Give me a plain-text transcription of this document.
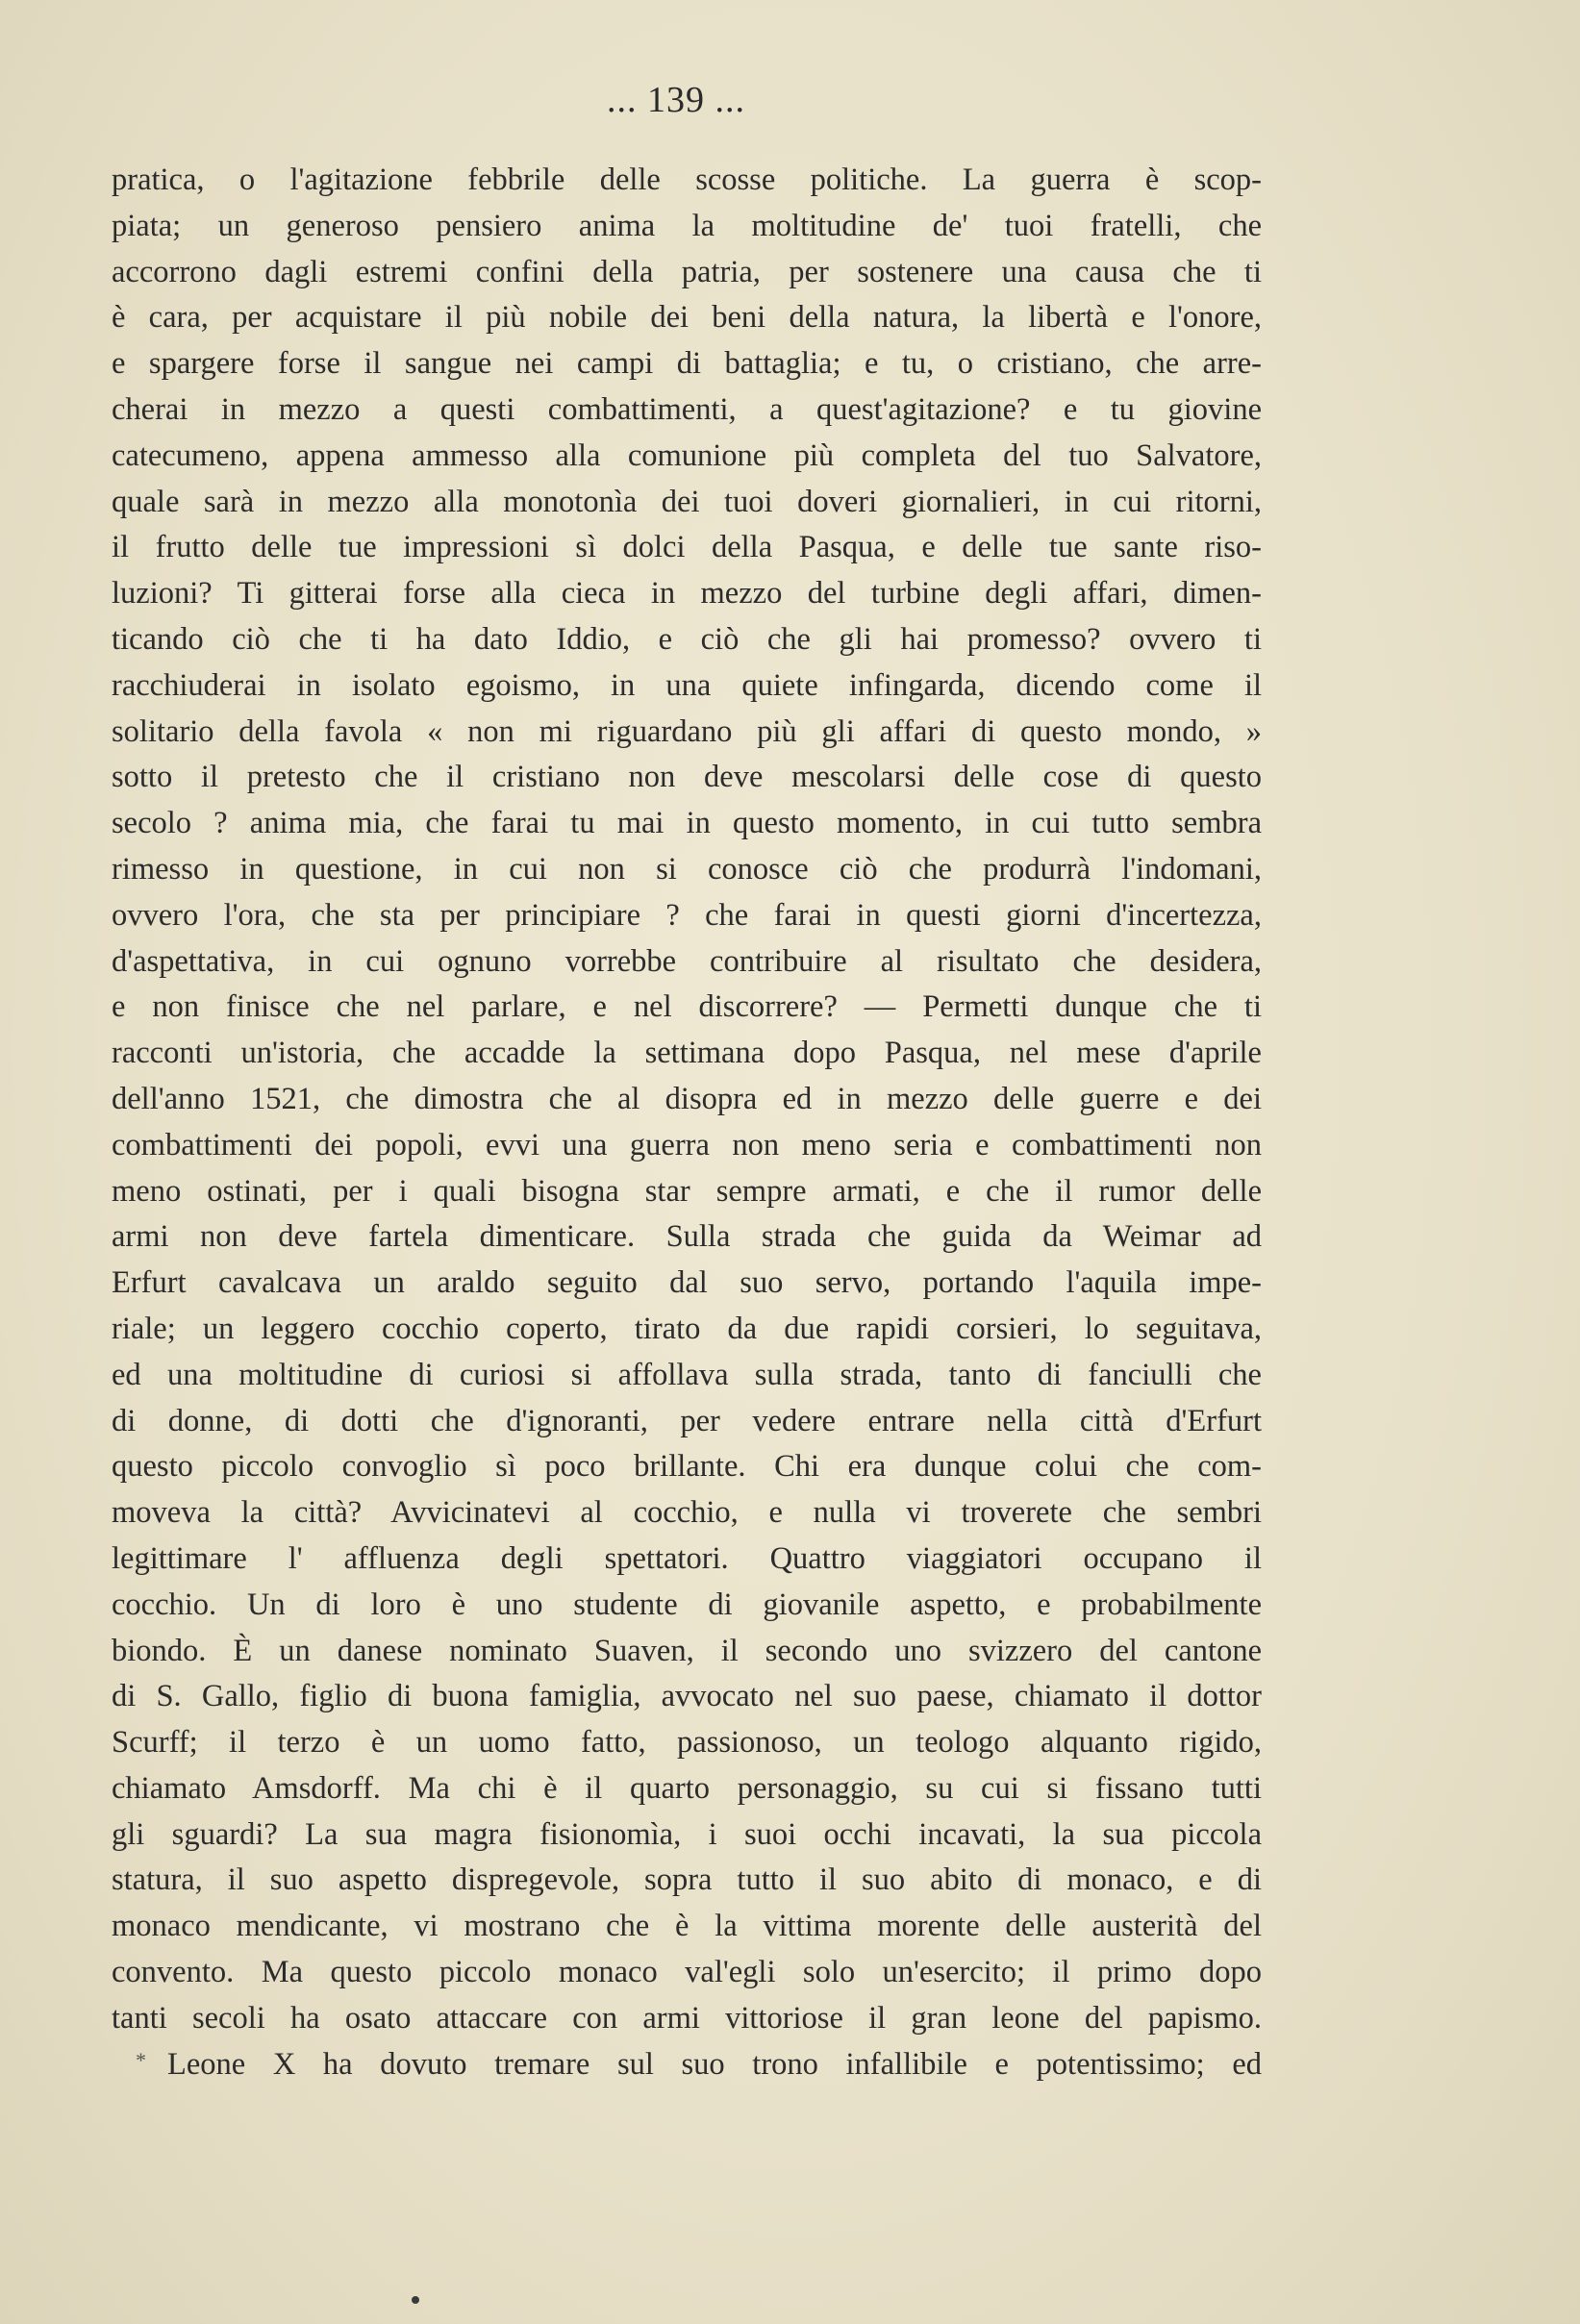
... 139 ...
pratica, o l'agitazione febbrile delle scosse politiche. La guerra è scop-
piata; un generoso pensiero anima la moltitudine de' tuoi fratelli, che
accorrono dagli estremi confini della patria, per sostenere una causa che ti
è cara, per acquistare il più nobile dei beni della natura, la libertà e l'onore,
e spargere forse il sangue nei campi di battaglia; e tu, o cristiano, che arre-
cherai in mezzo a questi combattimenti, a quest'agitazione? e tu giovine
catecumeno, appena ammesso alla comunione più completa del tuo Salvatore,
quale sarà in mezzo alla monotonìa dei tuoi doveri giornalieri, in cui ritorni,
il frutto delle tue impressioni sì dolci della Pasqua, e delle tue sante riso-
luzioni? Ti gitterai forse alla cieca in mezzo del turbine degli affari, dimen-
ticando ciò che ti ha dato Iddio, e ciò che gli hai promesso? ovvero ti
racchiuderai in isolato egoismo, in una quiete infingarda, dicendo come il
solitario della favola « non mi riguardano più gli affari di questo mondo, »
sotto il pretesto che il cristiano non deve mescolarsi delle cose di questo
secolo ? anima mia, che farai tu mai in questo momento, in cui tutto sembra
rimesso in questione, in cui non si conosce ciò che produrrà l'indomani,
ovvero l'ora, che sta per principiare ? che farai in questi giorni d'incertezza,
d'aspettativa, in cui ognuno vorrebbe contribuire al risultato che desidera,
e non finisce che nel parlare, e nel discorrere? — Permetti dunque che ti
racconti un'istoria, che accadde la settimana dopo Pasqua, nel mese d'aprile
dell'anno 1521, che dimostra che al disopra ed in mezzo delle guerre e dei
combattimenti dei popoli, evvi una guerra non meno seria e combattimenti non
meno ostinati, per i quali bisogna star sempre armati, e che il rumor delle
armi non deve fartela dimenticare. Sulla strada che guida da Weimar ad
Erfurt cavalcava un araldo seguito dal suo servo, portando l'aquila impe-
riale; un leggero cocchio coperto, tirato da due rapidi corsieri, lo seguitava,
ed una moltitudine di curiosi si affollava sulla strada, tanto di fanciulli che
di donne, di dotti che d'ignoranti, per vedere entrare nella città d'Erfurt
questo piccolo convoglio sì poco brillante. Chi era dunque colui che com-
moveva la città? Avvicinatevi al cocchio, e nulla vi troverete che sembri
legittimare l' affluenza degli spettatori. Quattro viaggiatori occupano il
cocchio. Un di loro è uno studente di giovanile aspetto, e probabilmente
biondo. È un danese nominato Suaven, il secondo uno svizzero del cantone
di S. Gallo, figlio di buona famiglia, avvocato nel suo paese, chiamato il dottor
Scurff; il terzo è un uomo fatto, passionoso, un teologo alquanto rigido,
chiamato Amsdorff. Ma chi è il quarto personaggio, su cui si fissano tutti
gli sguardi? La sua magra fisionomìa, i suoi occhi incavati, la sua piccola
statura, il suo aspetto dispregevole, sopra tutto il suo abito di monaco, e di
monaco mendicante, vi mostrano che è la vittima morente delle austerità del
convento. Ma questo piccolo monaco val'egli solo un'esercito; il primo dopo
tanti secoli ha osato attaccare con armi vittoriose il gran leone del papismo.
Leone X ha dovuto tremare sul suo trono infallibile e potentissimo; ed
*
